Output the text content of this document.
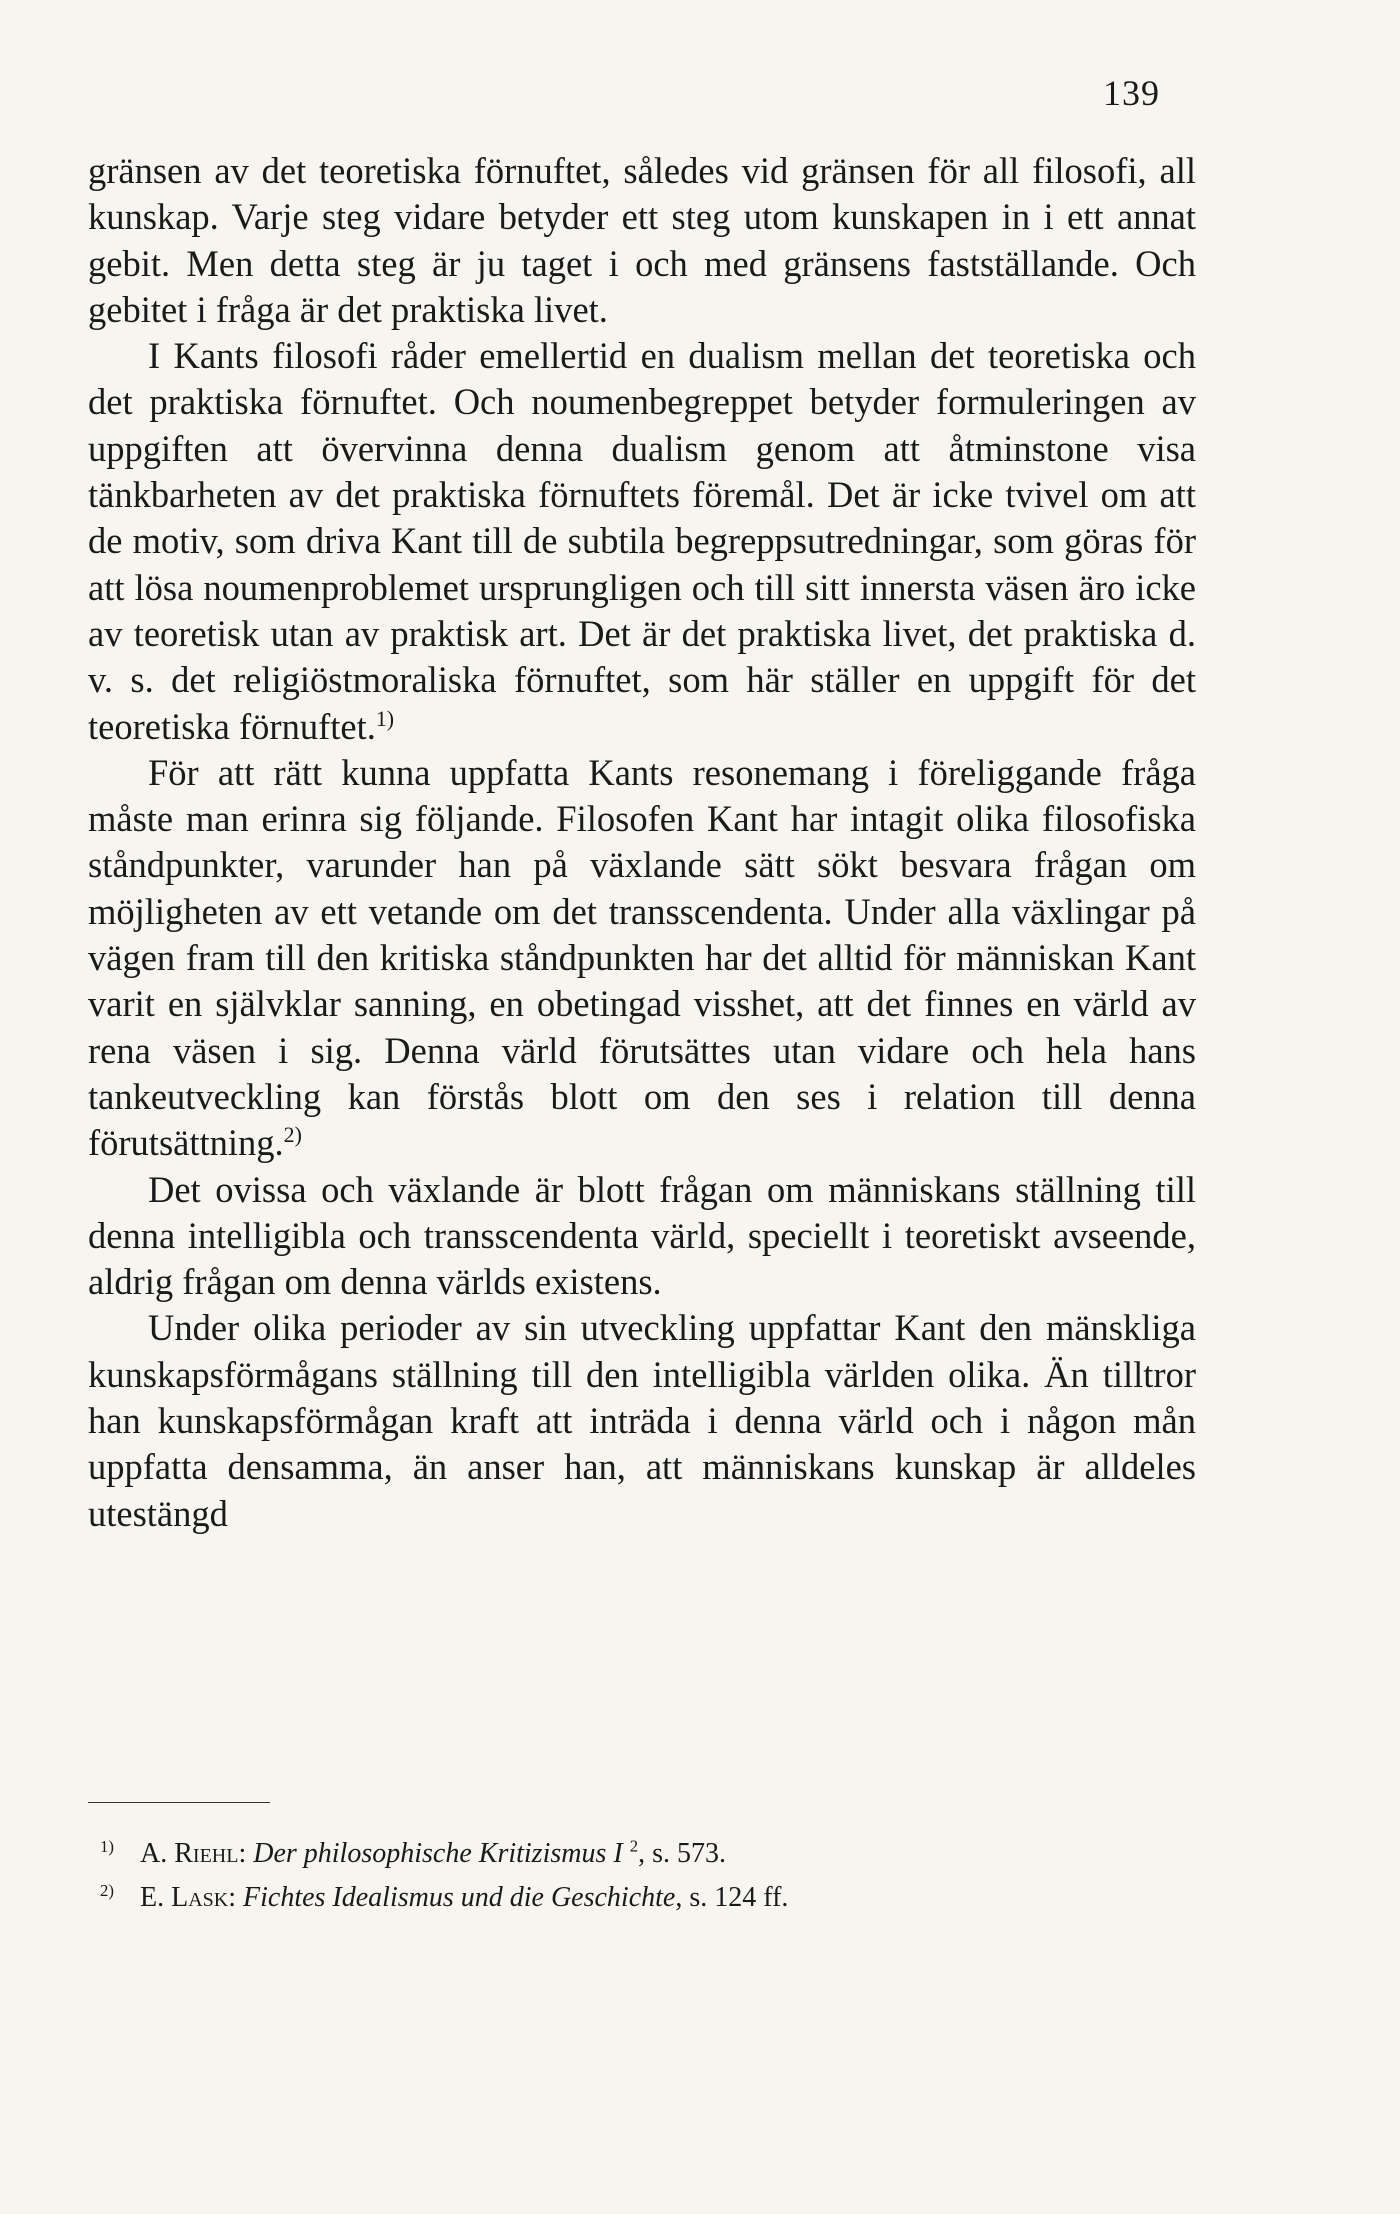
139

gränsen av det teoretiska förnuftet, således vid gränsen för all filosofi, all kunskap. Varje steg vidare betyder ett steg utom kunskapen in i ett annat gebit. Men detta steg är ju taget i och med gränsens fastställande. Och gebitet i fråga är det praktiska livet.

I Kants filosofi råder emellertid en dualism mellan det teoretiska och det praktiska förnuftet. Och noumenbegreppet betyder formuleringen av uppgiften att övervinna denna dualism genom att åtminstone visa tänkbarheten av det praktiska förnuftets föremål. Det är icke tvivel om att de motiv, som driva Kant till de subtila begreppsutredningar, som göras för att lösa noumenproblemet ursprungligen och till sitt innersta väsen äro icke av teoretisk utan av praktisk art. Det är det praktiska livet, det praktiska d. v. s. det religiöstmoraliska förnuftet, som här ställer en uppgift för det teoretiska förnuftet.$^{1)}$

För att rätt kunna uppfatta Kants resonemang i föreliggande fråga måste man erinra sig följande. Filosofen Kant har intagit olika filosofiska ståndpunkter, varunder han på växlande sätt sökt besvara frågan om möjligheten av ett vetande om det transscendenta. Under alla växlingar på vägen fram till den kritiska ståndpunkten har det alltid för människan Kant varit en självklar sanning, en obetingad visshet, att det finnes en värld av rena väsen i sig. Denna värld förutsättes utan vidare och hela hans tankeutveckling kan förstås blott om den ses i relation till denna förutsättning.$^{2)}$

Det ovissa och växlande är blott frågan om människans ställning till denna intelligibla och transscendenta värld, speciellt i teoretiskt avseende, aldrig frågan om denna världs existens.

Under olika perioder av sin utveckling uppfattar Kant den mänskliga kunskapsförmågans ställning till den intelligibla världen olika. Än tilltror han kunskapsförmågan kraft att inträda i denna värld och i någon mån uppfatta densamma, än anser han, att människans kunskap är alldeles utestängd

$^{1)}$ A. Riehl: Der philosophische Kritizismus I $^2$, s. 573.

$^{2)}$ E. Lask: Fichtes Idealismus und die Geschichte, s. 124 ff.
